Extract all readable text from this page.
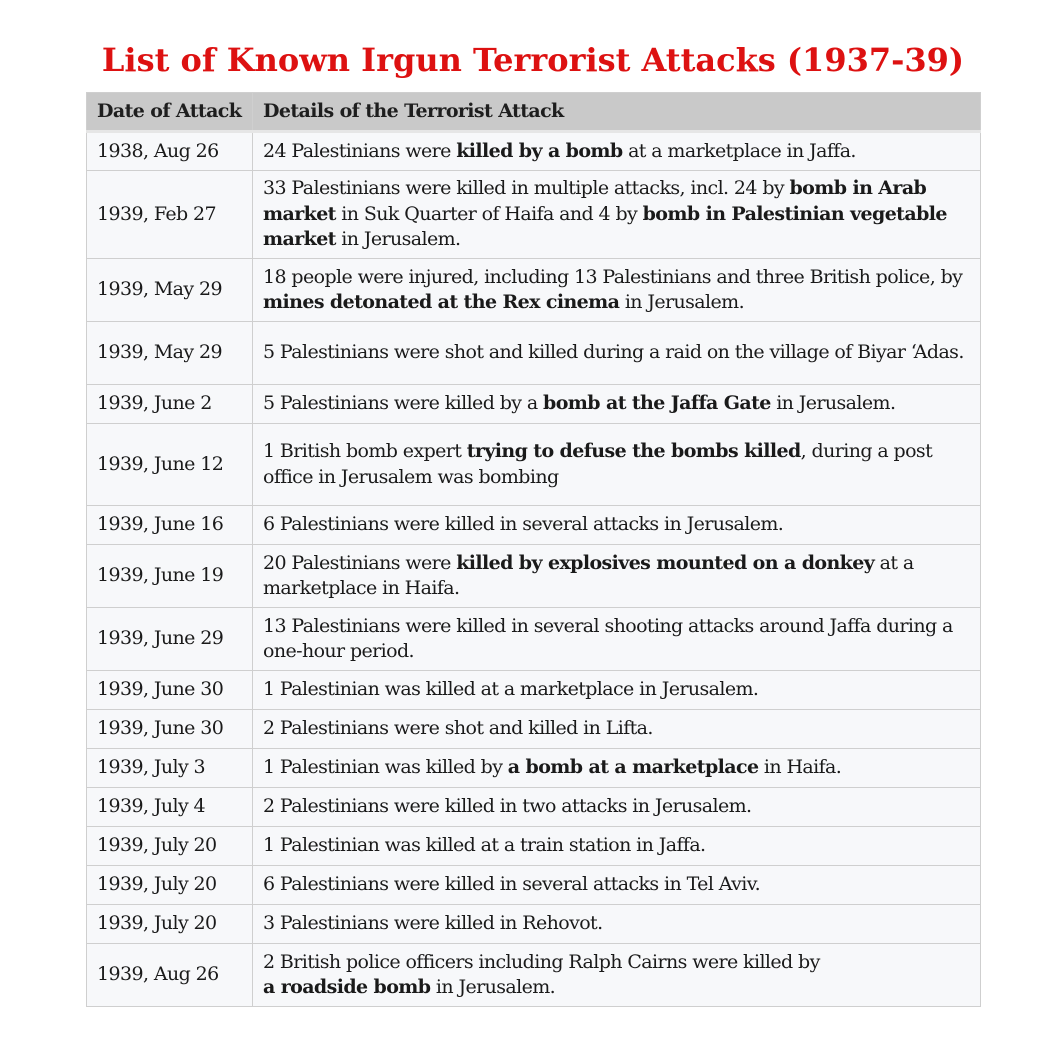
List of Known Irgun Terrorist Attacks (1937-39)
Date of Attack	Details of the Terrorist Attack
1938, Aug 26	24 Palestinians were killed by a bomb at a marketplace in Jaffa.
1939, Feb 27	33 Palestinians were killed in multiple attacks, incl. 24 by bomb in Arab market in Suk Quarter of Haifa and 4 by bomb in Palestinian vegetable market in Jerusalem.
1939, May 29	18 people were injured, including 13 Palestinians and three British police, by mines detonated at the Rex cinema in Jerusalem.
1939, May 29	5 Palestinians were shot and killed during a raid on the village of Biyar ‘Adas.
1939, June 2	5 Palestinians were killed by a bomb at the Jaffa Gate in Jerusalem.
1939, June 12	1 British bomb expert trying to defuse the bombs killed, during a post office in Jerusalem was bombing
1939, June 16	6 Palestinians were killed in several attacks in Jerusalem.
1939, June 19	20 Palestinians were killed by explosives mounted on a donkey at a marketplace in Haifa.
1939, June 29	13 Palestinians were killed in several shooting attacks around Jaffa during a one-hour period.
1939, June 30	1 Palestinian was killed at a marketplace in Jerusalem.
1939, June 30	2 Palestinians were shot and killed in Lifta.
1939, July 3	1 Palestinian was killed by a bomb at a marketplace in Haifa.
1939, July 4	2 Palestinians were killed in two attacks in Jerusalem.
1939, July 20	1 Palestinian was killed at a train station in Jaffa.
1939, July 20	6 Palestinians were killed in several attacks in Tel Aviv.
1939, July 20	3 Palestinians were killed in Rehovot.
1939, Aug 26	2 British police officers including Ralph Cairns were killed by
a roadside bomb in Jerusalem.
